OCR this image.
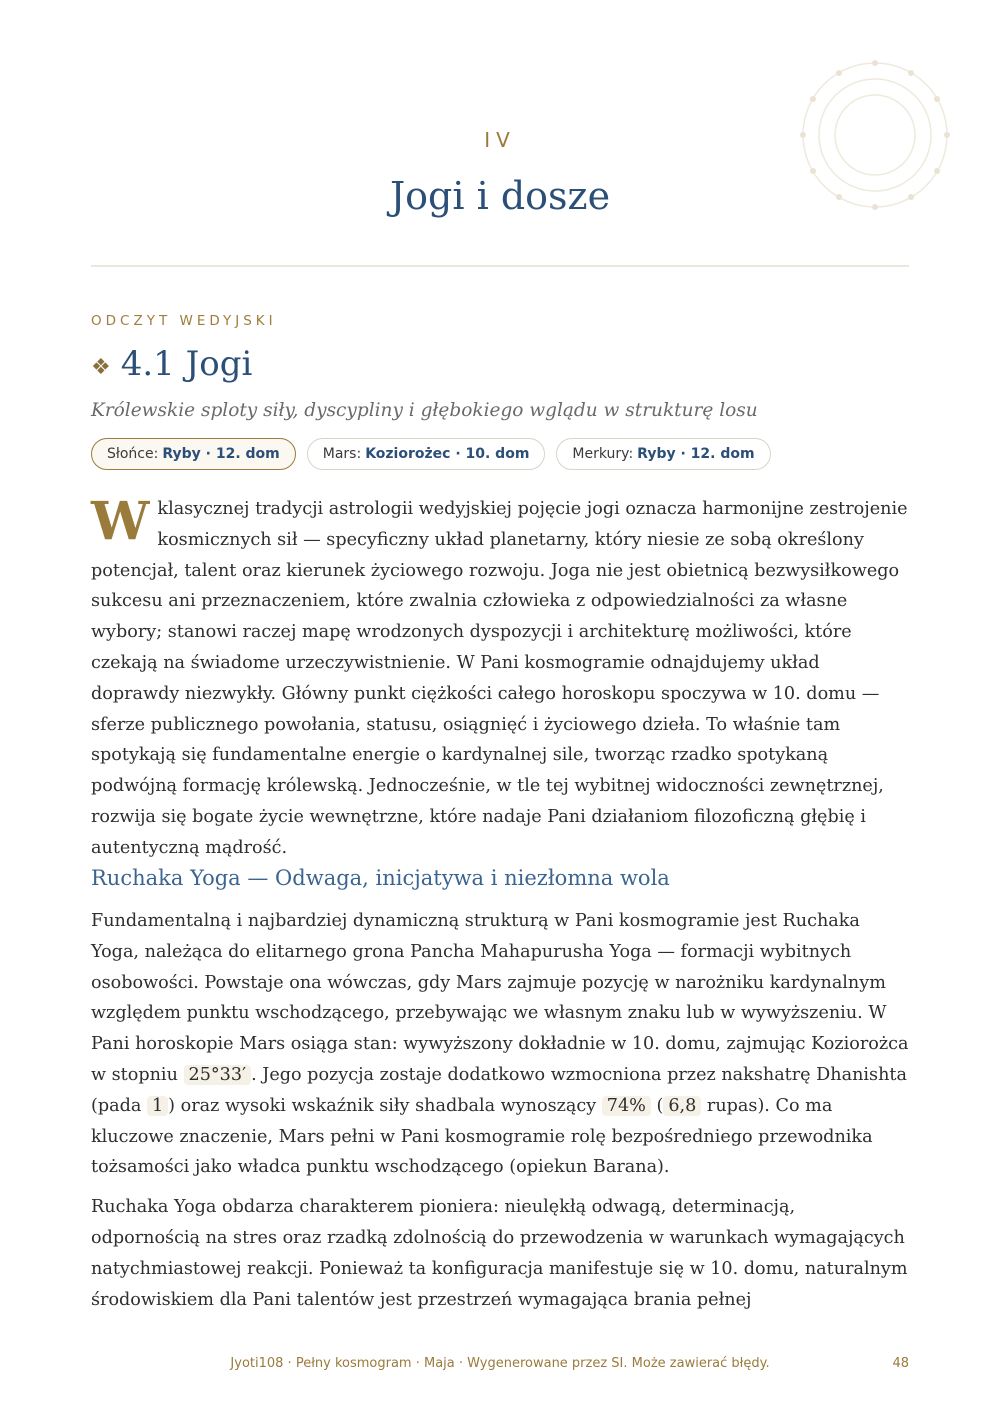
IV
Jogi i dosze
ODCZYT WEDYJSKI
❖ 4.1 Jogi
Królewskie sploty siły, dyscypliny i głębokiego wglądu w strukturę losu
Słońce: Ryby · 12. dom	Mars: Koziorożec · 10. dom	Merkury: Ryby · 12. dom

W klasycznej tradycji astrologii wedyjskiej pojęcie jogi oznacza harmonijne zestrojenie kosmicznych sił — specyficzny układ planetarny, który niesie ze sobą określony potencjał, talent oraz kierunek życiowego rozwoju. Joga nie jest obietnicą bezwysiłkowego sukcesu ani przeznaczeniem, które zwalnia człowieka z odpowiedzialności za własne wybory; stanowi raczej mapę wrodzonych dyspozycji i architekturę możliwości, które czekają na świadome urzeczywistnienie. W Pani kosmogramie odnajdujemy układ doprawdy niezwykły. Główny punkt ciężkości całego horoskopu spoczywa w 10. domu — sferze publicznego powołania, statusu, osiągnięć i życiowego dzieła. To właśnie tam spotykają się fundamentalne energie o kardynalnej sile, tworząc rzadko spotykaną podwójną formację królewską. Jednocześnie, w tle tej wybitnej widoczności zewnętrznej, rozwija się bogate życie wewnętrzne, które nadaje Pani działaniom filozoficzną głębię i autentyczną mądrość.

Ruchaka Yoga — Odwaga, inicjatywa i niezłomna wola

Fundamentalną i najbardziej dynamiczną strukturą w Pani kosmogramie jest Ruchaka Yoga, należąca do elitarnego grona Pancha Mahapurusha Yoga — formacji wybitnych osobowości. Powstaje ona wówczas, gdy Mars zajmuje pozycję w narożniku kardynalnym względem punktu wschodzącego, przebywając we własnym znaku lub w wywyższeniu. W Pani horoskopie Mars osiąga stan: wywyższony dokładnie w 10. domu, zajmując Koziorożca w stopniu 25°33′ . Jego pozycja zostaje dodatkowo wzmocniona przez nakshatrę Dhanishta (pada 1 ) oraz wysoki wskaźnik siły shadbala wynoszący 74% ( 6,8 rupas). Co ma kluczowe znaczenie, Mars pełni w Pani kosmogramie rolę bezpośredniego przewodnika tożsamości jako władca punktu wschodzącego (opiekun Barana).

Ruchaka Yoga obdarza charakterem pioniera: nieulękłą odwagą, determinacją, odpornością na stres oraz rzadką zdolnością do przewodzenia w warunkach wymagających natychmiastowej reakcji. Ponieważ ta konfiguracja manifestuje się w 10. domu, naturalnym środowiskiem dla Pani talentów jest przestrzeń wymagająca brania pełnej

Jyoti108 · Pełny kosmogram · Maja · Wygenerowane przez SI. Może zawierać błędy.	48
